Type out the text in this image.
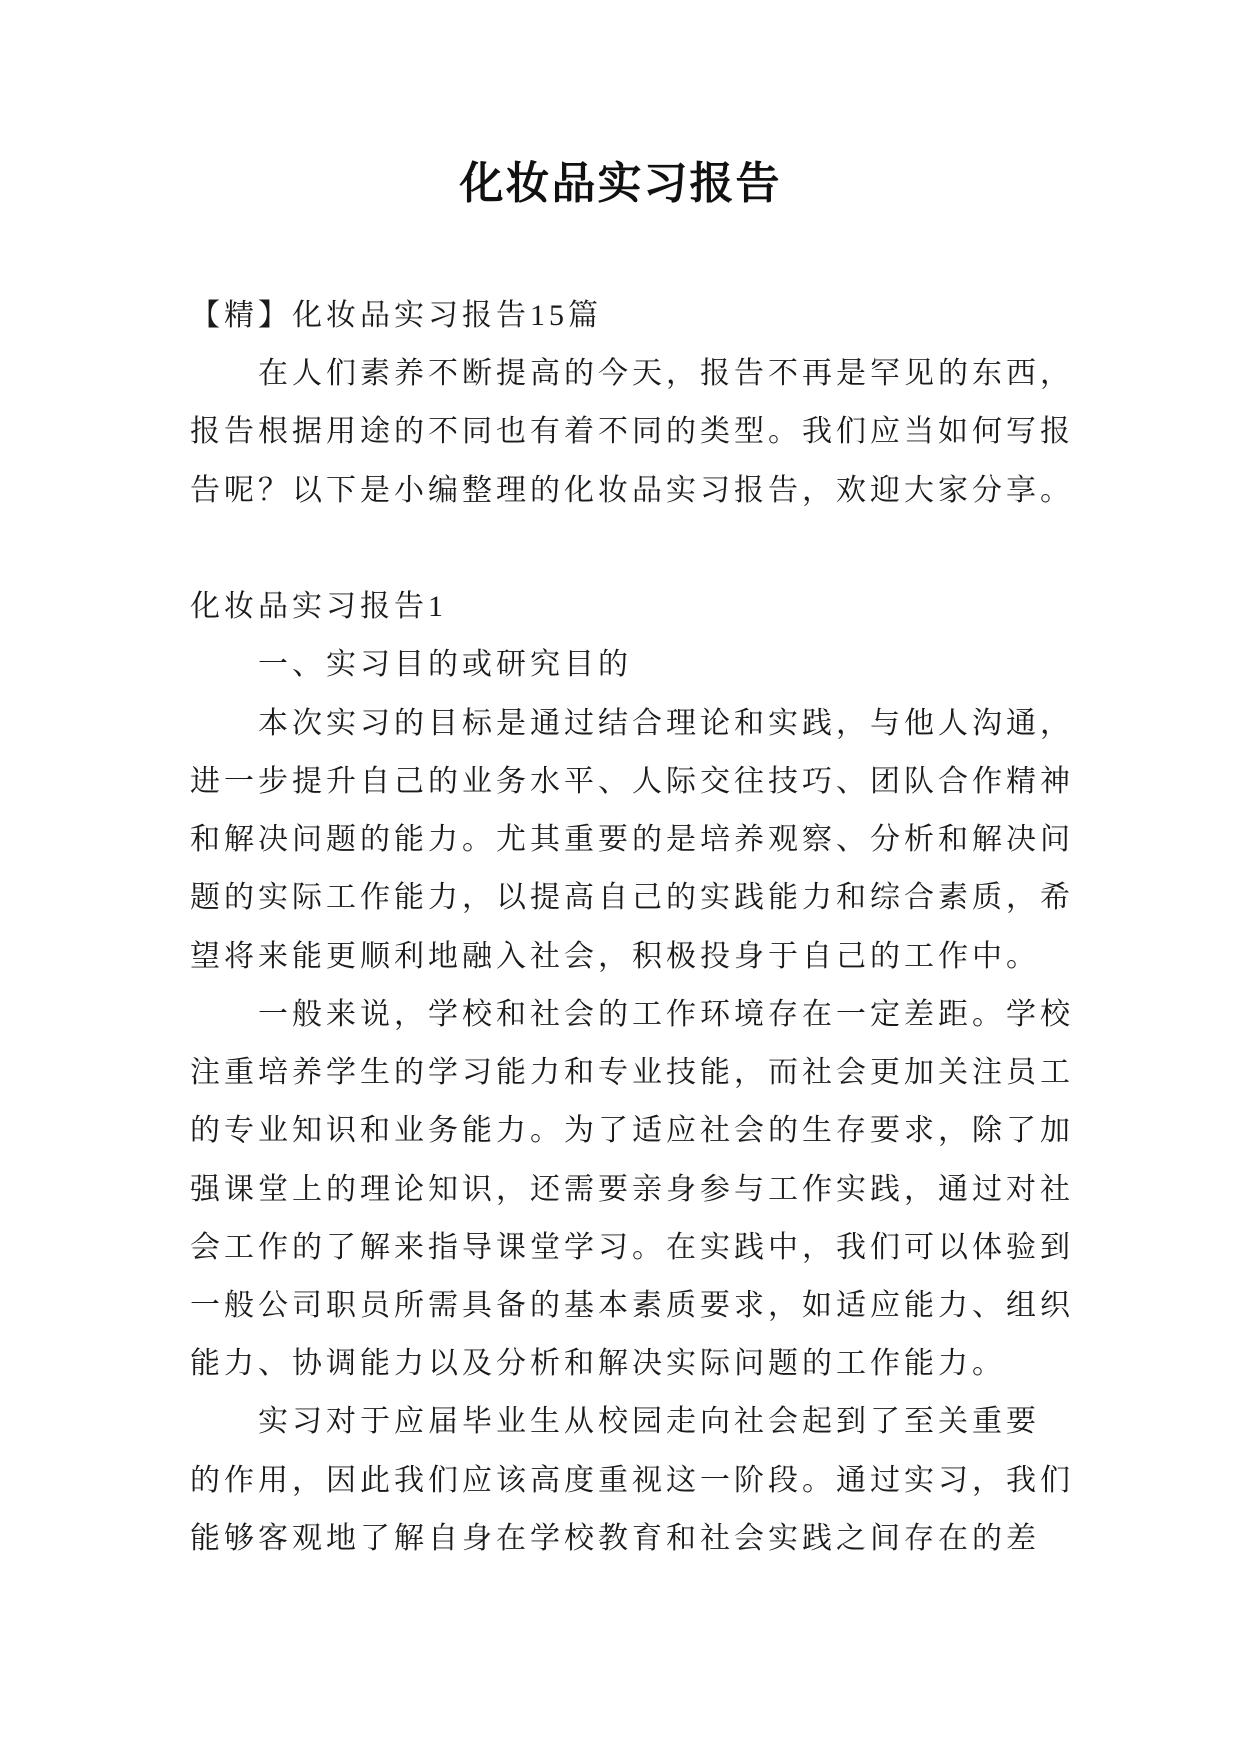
化妆品实习报告
【精】化妆品实习报告15篇
在人们素养不断提高的今天，报告不再是罕见的东西，
报告根据用途的不同也有着不同的类型。我们应当如何写报
告呢？以下是小编整理的化妆品实习报告，欢迎大家分享。
化妆品实习报告1
一、实习目的或研究目的
本次实习的目标是通过结合理论和实践，与他人沟通，
进一步提升自己的业务水平、人际交往技巧、团队合作精神
和解决问题的能力。尤其重要的是培养观察、分析和解决问
题的实际工作能力，以提高自己的实践能力和综合素质，希
望将来能更顺利地融入社会，积极投身于自己的工作中。
一般来说，学校和社会的工作环境存在一定差距。学校
注重培养学生的学习能力和专业技能，而社会更加关注员工
的专业知识和业务能力。为了适应社会的生存要求，除了加
强课堂上的理论知识，还需要亲身参与工作实践，通过对社
会工作的了解来指导课堂学习。在实践中，我们可以体验到
一般公司职员所需具备的基本素质要求，如适应能力、组织
能力、协调能力以及分析和解决实际问题的工作能力。
实习对于应届毕业生从校园走向社会起到了至关重要
的作用，因此我们应该高度重视这一阶段。通过实习，我们
能够客观地了解自身在学校教育和社会实践之间存在的差
